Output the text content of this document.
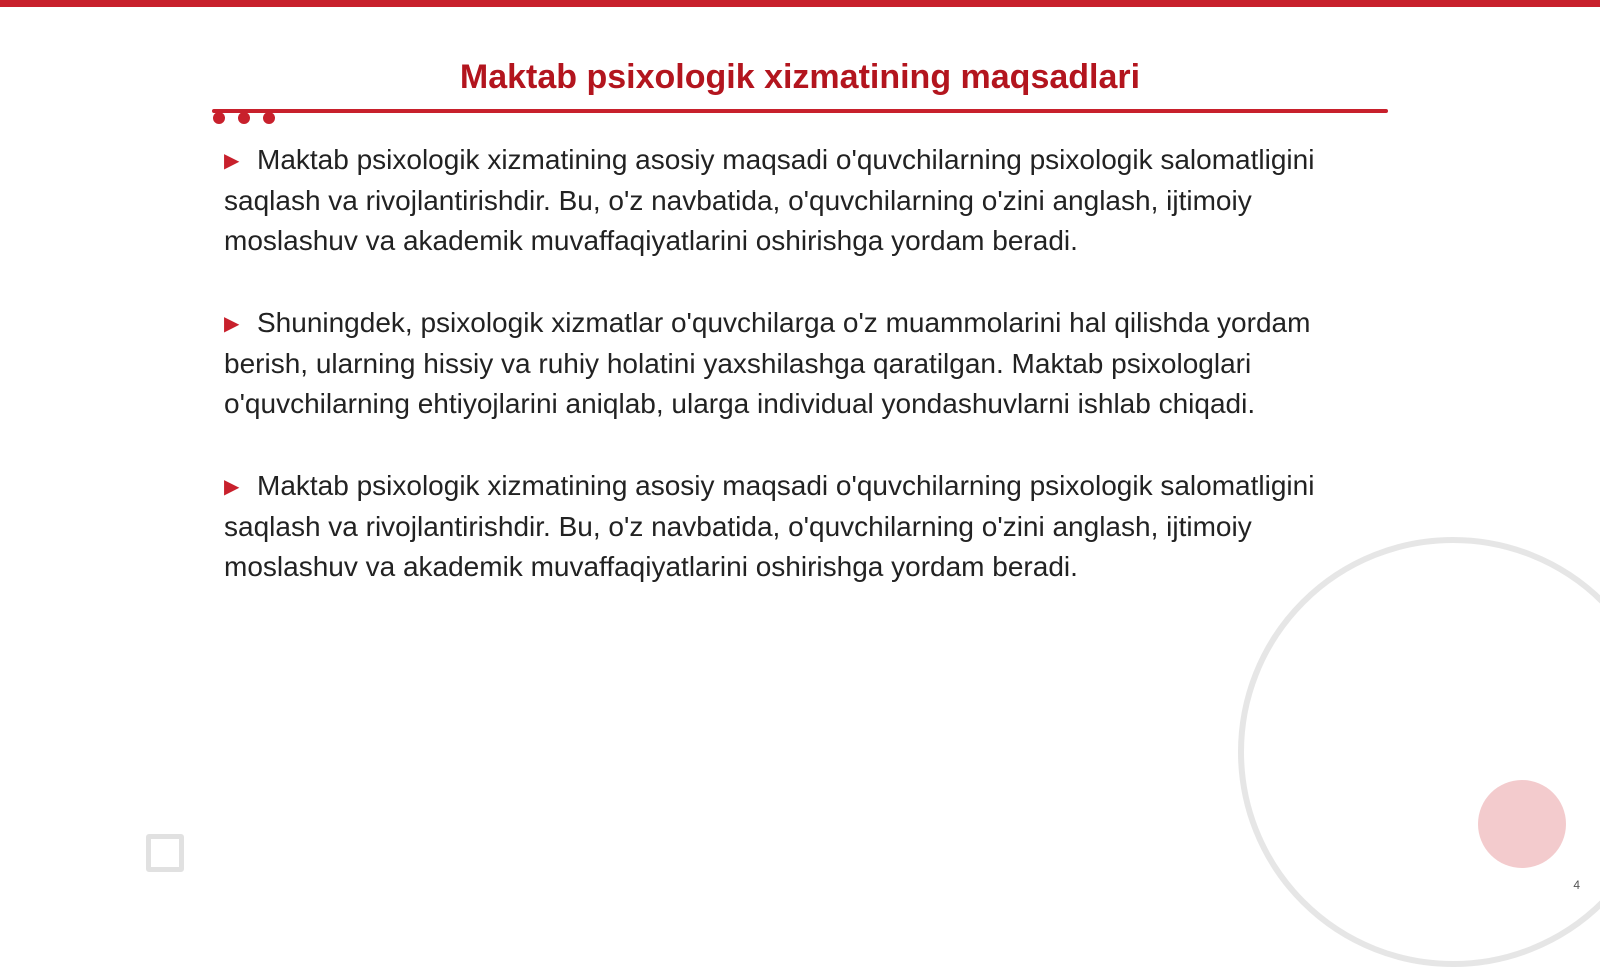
Maktab psixologik xizmatining maqsadlari

▶ Maktab psixologik xizmatining asosiy maqsadi o'quvchilarning psixologik salomatligini saqlash va rivojlantirishdir. Bu, o'z navbatida, o'quvchilarning o'zini anglash, ijtimoiy moslashuv va akademik muvaffaqiyatlarini oshirishga yordam beradi.

▶ Shuningdek, psixologik xizmatlar o'quvchilarga o'z muammolarini hal qilishda yordam berish, ularning hissiy va ruhiy holatini yaxshilashga qaratilgan. Maktab psixologlari o'quvchilarning ehtiyojlarini aniqlab, ularga individual yondashuvlarni ishlab chiqadi.

▶ Maktab psixologik xizmatining asosiy maqsadi o'quvchilarning psixologik salomatligini saqlash va rivojlantirishdir. Bu, o'z navbatida, o'quvchilarning o'zini anglash, ijtimoiy moslashuv va akademik muvaffaqiyatlarini oshirishga yordam beradi.

4
